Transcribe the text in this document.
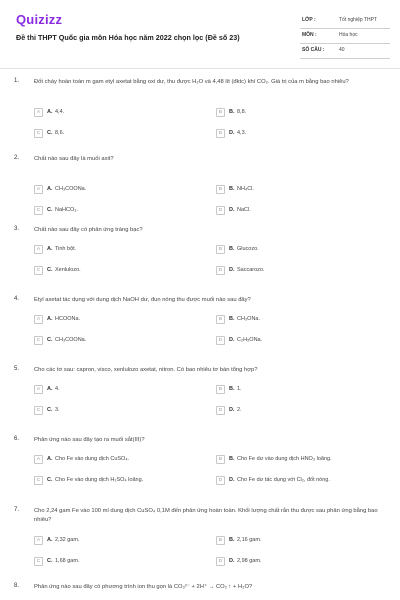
Quizizz
Đề thi THPT Quốc gia môn Hóa học năm 2022 chọn lọc (Đề số 23)
LỚP :	Tốt nghiệp THPT
MÔN :	Hóa học
SỐ CÂU :	40
1.	Đốt cháy hoàn toàn m gam etyl axetat bằng oxi dư, thu được H₂O và 4,48 lít (đktc) khí CO₂. Giá trị của m bằng bao nhiêu?
A	A. 4,4.	B	B. 8,8.
C	C. 8,6.	D	D. 4,3.
2.	Chất nào sau đây là muối axit?
A	A. CH₃COONa.	B	B. NH₄Cl.
C	C. NaHCO₃.	D	D. NaCl.
3.	Chất nào sau đây có phản ứng tráng bạc?
A	A. Tinh bột.	B	B. Glucozo.
C	C. Xenlulozo.	D	D. Saccarozo.
4.	Etyl axetat tác dụng với dung dịch NaOH dư, đun nóng thu được muối nào sau đây?
A	A. HCOONa.	B	B. CH₃ONa.
C	C. CH₃COONa.	D	D. C₂H₅ONa.
5.	Cho các tơ sau: capron, visco, xenlulozo axetat, nitron. Có bao nhiêu tơ bán tổng hợp?
A	A. 4.	B	B. 1.
C	C. 3.	D	D. 2.
6.	Phản ứng nào sau đây tạo ra muối sắt(III)?
A	A. Cho Fe vào dung dịch CuSO₄.	B	B. Cho Fe dư vào dung dịch HNO₃ loãng.
C	C. Cho Fe vào dung dịch H₂SO₄ loãng.	D	D. Cho Fe dư tác dụng với Cl₂, đốt nóng.
7.	Cho 2,24 gam Fe vào 100 ml dung dịch CuSO₄ 0,1M đến phản ứng hoàn toàn. Khối lượng chất rắn thu được sau phản ứng bằng bao nhiêu?
A	A. 2,32 gam.	B	B. 2,16 gam.
C	C. 1,68 gam.	D	D. 2,98 gam.
8.	Phản ứng nào sau đây có phương trình ion thu gọn là CO₃²⁻ + 2H⁺ → CO₂ ↑ + H₂O?
